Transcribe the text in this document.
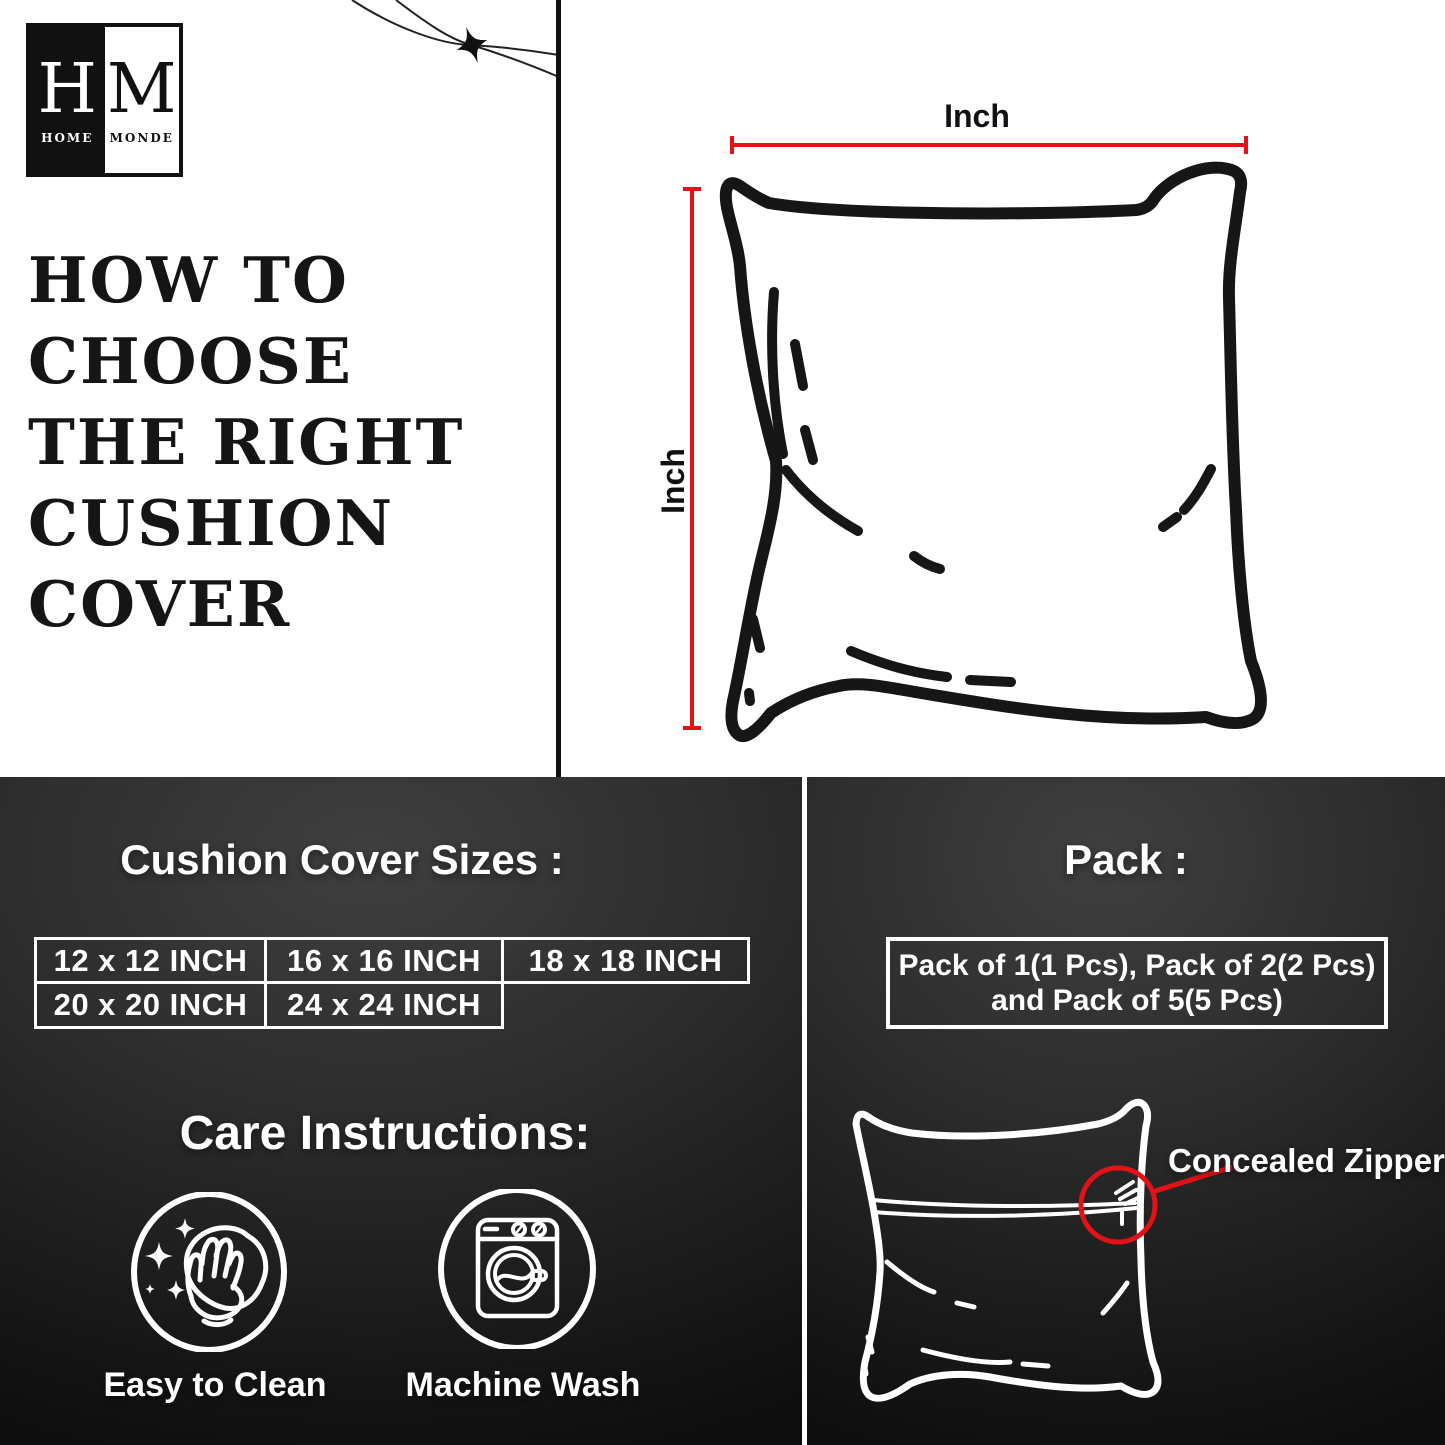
H
HOME
M
MONDE
HOW TO
CHOOSE
THE RIGHT
CUSHION
COVER
Inch
Inch
Cushion Cover Sizes :
12 x 12 INCH	16 x 16 INCH	18 x 18 INCH
20 x 20 INCH	24 x 24 INCH
Pack :
Pack of 1(1 Pcs), Pack of 2(2 Pcs)
and Pack of 5(5 Pcs)
Care Instructions:
Easy to Clean	Machine Wash
Concealed Zipper
